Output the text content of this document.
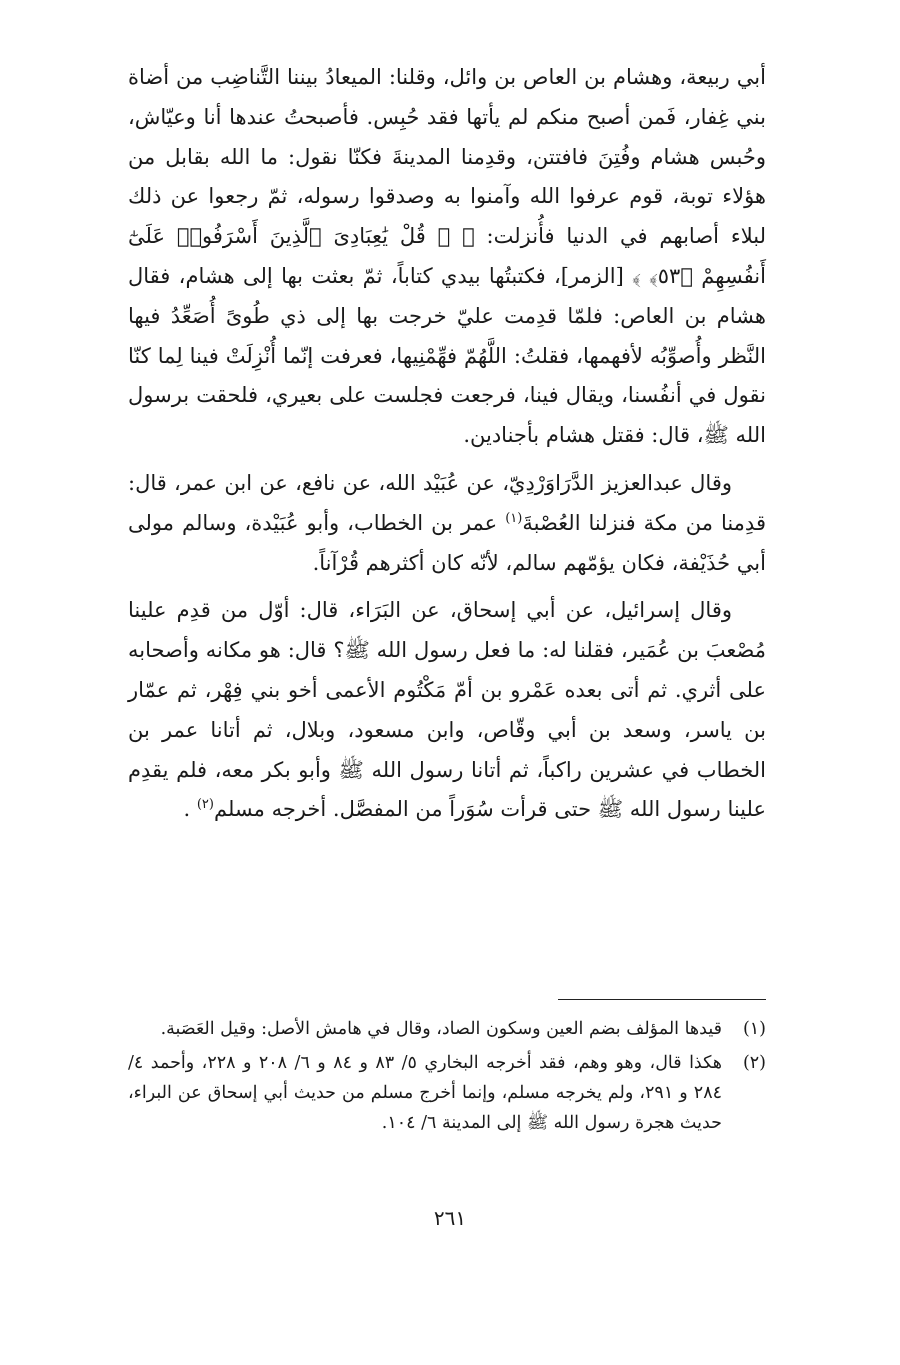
أبي ربيعة، وهشام بن العاص بن وائل، وقلنا: الميعادُ بيننا التَّناضِب من أضاة بني غِفار، فَمن أصبح منكم لم يأتها فقد حُبِس. فأصبحتُ عندها أنا وعيّاش، وحُبس هشام وفُتِنَ فافتتن، وقدِمنا المدينةَ فكنّا نقول: ما الله بقابل من هؤلاء توبة، قوم عرفوا الله وآمنوا به وصدقوا رسوله، ثمّ رجعوا عن ذلك لبلاء أصابهم في الدنيا فأُنزلت: ﴿ ۞ قُلْ يَٰعِبَادِىَ ٱلَّذِينَ أَسْرَفُوا۟ عَلَىٰٓ أَنفُسِهِمْ ﴿٥٣﴾ ﴾ [الزمر]، فكتبتُها بيدي كتاباً، ثمّ بعثت بها إلى هشام، فقال هشام بن العاص: فلمّا قدِمت عليّ خرجت بها إلى ذي طُوىً أُصَعِّدُ فيها النَّظر وأُصوِّبُه لأفهمها، فقلتُ: اللَّهُمّ فهِّمْنِيها، فعرفت إنّما أُنْزِلَتْ فينا لِما كنّا نقول في أنفُسنا، ويقال فينا، فرجعت فجلست على بعيري، فلحقت برسول الله ﷺ، قال: فقتل هشام بأجنادين.

وقال عبدالعزيز الدَّرَاوَرْدِيّ، عن عُبَيْد الله، عن نافع، عن ابن عمر، قال: قدِمنا من مكة فنزلنا العُصْبةَ$^{(١)}$ عمر بن الخطاب، وأبو عُبَيْدة، وسالم مولى أبي حُذَيْفة، فكان يؤمّهم سالم، لأنّه كان أكثرهم قُرْآناً.

وقال إسرائيل، عن أبي إسحاق، عن البَرَاء، قال: أوّل من قدِم علينا مُصْعبَ بن عُمَير، فقلنا له: ما فعل رسول الله ﷺ؟ قال: هو مكانه وأصحابه على أثري. ثم أتى بعده عَمْرو بن أمّ مَكْتُوم الأعمى أخو بني فِهْر، ثم عمّار بن ياسر، وسعد بن أبي وقّاص، وابن مسعود، وبلال، ثم أتانا عمر بن الخطاب في عشرين راكباً، ثم أتانا رسول الله ﷺ وأبو بكر معه، فلم يقدِم علينا رسول الله ﷺ حتى قرأت سُوَراً من المفصَّل. أخرجه مسلم$^{(٢)}$ .

(١)
قيدها المؤلف بضم العين وسكون الصاد، وقال في هامش الأصل: وقيل العَصَبة.
(٢)
هكذا قال، وهو وهم، فقد أخرجه البخاري ٥/ ٨٣ و ٨٤ و ٦/ ٢٠٨ و ٢٢٨، وأحمد ٤/ ٢٨٤ و ٢٩١، ولم يخرجه مسلم، وإنما أخرج مسلم من حديث أبي إسحاق عن البراء، حديث هجرة رسول الله ﷺ إلى المدينة ٦/ ١٠٤.
٢٦١
